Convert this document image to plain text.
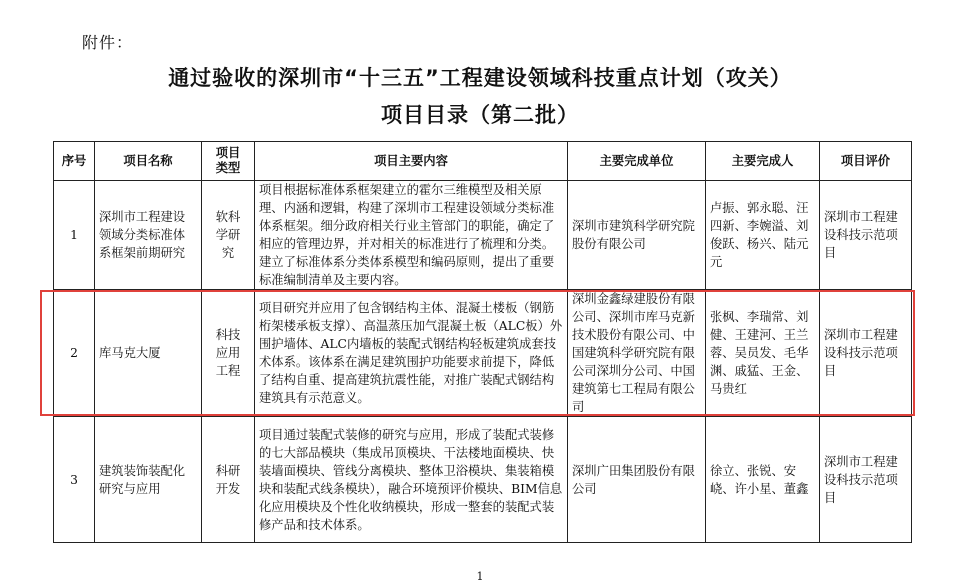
附件：
通过验收的深圳市“十三五”工程建设领域科技重点计划（攻关）
项目目录（第二批）
序号	项目名称	项目类型	项目主要内容	主要完成单位	主要完成人	项目评价
1	深圳市工程建设领域分类标准体系框架前期研究	软科学研究	项目根据标准体系框架建立的霍尔三维模型及相关原理、内涵和逻辑，构建了深圳市工程建设领域分类标准体系框架。细分政府相关行业主管部门的职能，确定了相应的管理边界，并对相关的标准进行了梳理和分类。建立了标准体系分类体系模型和编码原则，提出了重要标准编制清单及主要内容。	深圳市建筑科学研究院股份有限公司	卢振、郭永聪、汪四新、李婉溢、刘俊跃、杨兴、陆元元	深圳市工程建设科技示范项目
2	库马克大厦	科技应用工程	项目研究并应用了包含钢结构主体、混凝土楼板（钢筋桁架楼承板支撑）、高温蒸压加气混凝土板（ALC板）外围护墙体、ALC内墙板的装配式钢结构轻板建筑成套技术体系。该体系在满足建筑围护功能要求前提下，降低了结构自重、提高建筑抗震性能，对推广装配式钢结构建筑具有示范意义。	深圳金鑫绿建股份有限公司、深圳市库马克新技术股份有限公司、中国建筑科学研究院有限公司深圳分公司、中国建筑第七工程局有限公司	张枫、李瑞常、刘健、王建河、王兰蓉、吴员发、毛华渊、戚猛、王金、马贵红	深圳市工程建设科技示范项目
3	建筑装饰装配化研究与应用	科研开发	项目通过装配式装修的研究与应用，形成了装配式装修的七大部品模块（集成吊顶模块、干法楼地面模块、快装墙面模块、管线分离模块、整体卫浴模块、集装箱模块和装配式线条模块），融合环境预评价模块、BIM信息化应用模块及个性化收纳模块，形成一整套的装配式装修产品和技术体系。	深圳广田集团股份有限公司	徐立、张锐、安峣、许小星、董鑫	深圳市工程建设科技示范项目
1
